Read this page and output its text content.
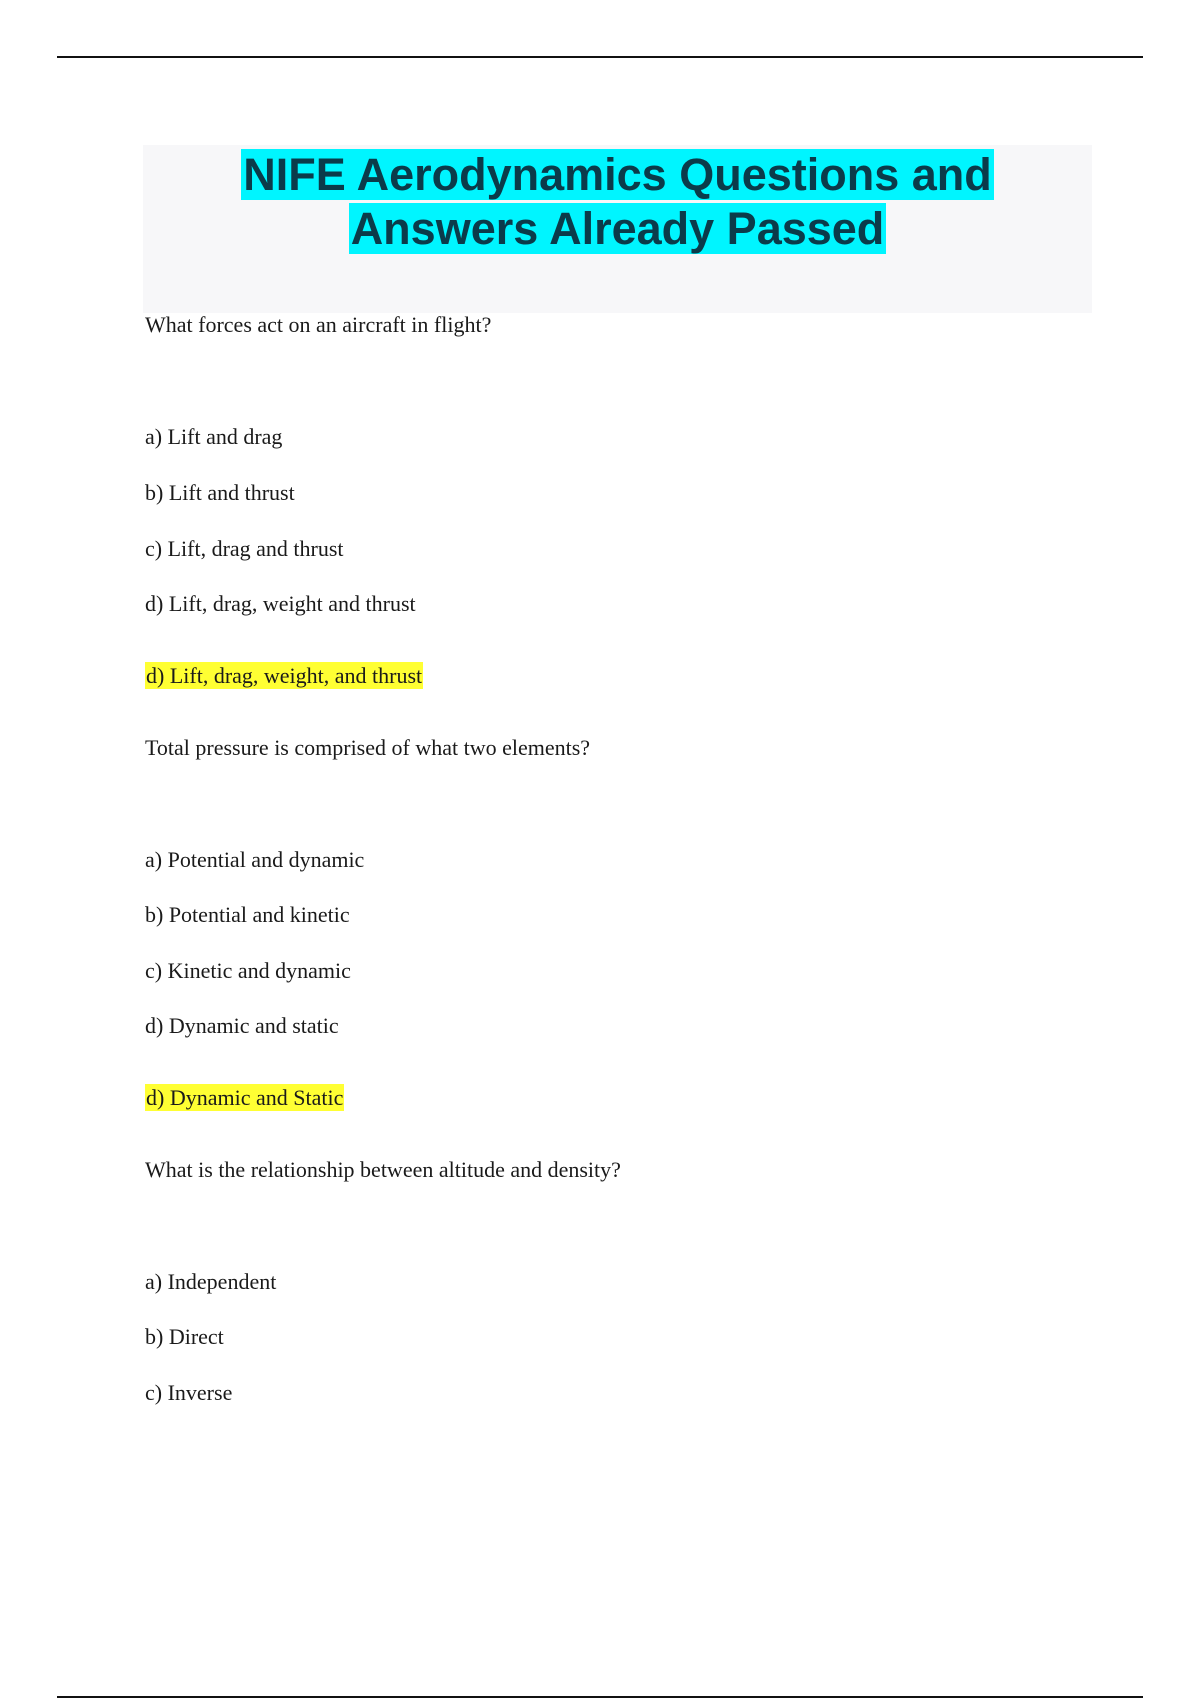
NIFE Aerodynamics Questions and
Answers Already Passed
What forces act on an aircraft in flight?
a) Lift and drag
b) Lift and thrust
c) Lift, drag and thrust
d) Lift, drag, weight and thrust
d) Lift, drag, weight, and thrust
Total pressure is comprised of what two elements?
a) Potential and dynamic
b) Potential and kinetic
c) Kinetic and dynamic
d) Dynamic and static
d) Dynamic and Static
What is the relationship between altitude and density?
a) Independent
b) Direct
c) Inverse
